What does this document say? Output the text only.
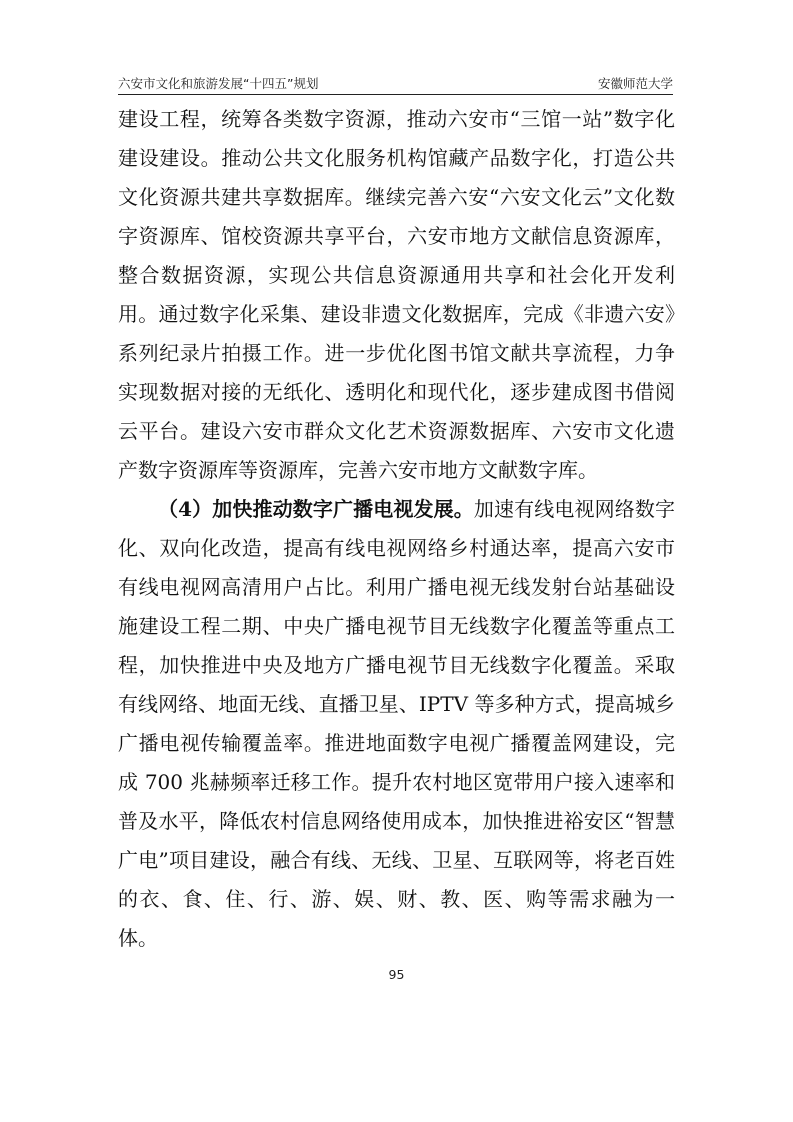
六安市文化和旅游发展“十四五”规划	安徽师范大学

建设工程，统筹各类数字资源，推动六安市“三馆一站”数字化建设建设。推动公共文化服务机构馆藏产品数字化，打造公共文化资源共建共享数据库。继续完善六安“六安文化云”文化数字资源库、馆校资源共享平台，六安市地方文献信息资源库，整合数据资源，实现公共信息资源通用共享和社会化开发利用。通过数字化采集、建设非遗文化数据库，完成《非遗六安》系列纪录片拍摄工作。进一步优化图书馆文献共享流程，力争实现数据对接的无纸化、透明化和现代化，逐步建成图书借阅云平台。建设六安市群众文化艺术资源数据库、六安市文化遗产数字资源库等资源库，完善六安市地方文献数字库。

（4）加快推动数字广播电视发展。加速有线电视网络数字化、双向化改造，提高有线电视网络乡村通达率，提高六安市有线电视网高清用户占比。利用广播电视无线发射台站基础设施建设工程二期、中央广播电视节目无线数字化覆盖等重点工程，加快推进中央及地方广播电视节目无线数字化覆盖。采取有线网络、地面无线、直播卫星、IPTV 等多种方式，提高城乡广播电视传输覆盖率。推进地面数字电视广播覆盖网建设，完成 700 兆赫频率迁移工作。提升农村地区宽带用户接入速率和普及水平，降低农村信息网络使用成本，加快推进裕安区“智慧广电”项目建设，融合有线、无线、卫星、互联网等，将老百姓的衣、食、住、行、游、娱、财、教、医、购等需求融为一体。

95
